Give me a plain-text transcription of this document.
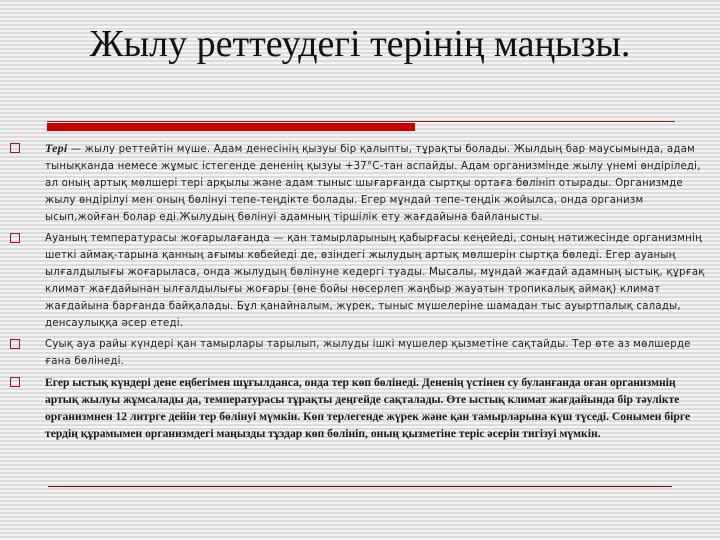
Жылу реттеудегі терінің маңызы.
Тері — жылу реттейтін мүше. Адам денесінің қызуы бір қалыпты, тұрақты болады. Жылдың бар маусымында, адам тынықканда немесе жұмыс істегенде дененің қызуы +37°С-тан аспайды. Адам организмінде жылу үнемі өндіріледі, ал оның артық мөлшері тері арқылы және адам тыныс шығарғанда сыртқы ортаға бөлініп отырады. Организмде жылу өндірілуі мен оның бөлінуі тепе-теңдікте болады. Егер мұндай тепе-теңдік жойылса, онда организм ысып,жойған болар еді.Жылудың бөлінуі адамның тіршілік ету жағдайына байланысты.
Ауаның температурасы жоғарылағанда — қан тамырларының қабырғасы кеңейеді, соның нәтижесінде организмнің шеткі аймақ-тарына қанның ағымы көбейеді де, өзіндегі жылудың артық мөлшерін сыртқа бөледі. Егер ауаның ылғалдылығы жоғарыласа, онда жылудың бөлінуне кедергі туады. Мысалы, мұндай жағдай адамның ыстық, құрғақ климат жағдайынан ылғалдылығы жоғары (өне бойы нөсерлеп жаңбыр жауатын тропикалық аймақ) климат жағдайына барғанда байқалады. Бұл қанайналым, жүрек, тыныс мүшелеріне шамадан тыс ауыртпалық салады, денсаулыққа әсер етеді.
Суық ауа райы күндері қан тамырлары тарылып, жылуды ішкі мүшелер қызметіне сақтайды. Тер өте аз мөлшерде ғана бөлінеді.
Егер ыстық күндері дене еңбегімен шұғылданса, онда тер көп бөлінеді. Дененің үстінен су буланғанда оған организмнің артық жылуы жұмсалады да, температурасы тұрақты деңгейде сақталады. Өте ыстық климат жағдайында бір тәулікте организмнен 12 литрге дейін тер бөлінуі мүмкін. Көп терлегенде жүрек және қан тамырларына күш түседі. Сонымен бірге тердің құрамымен организмдегі маңызды тұздар көп бөлініп, оның қызметіне теріс әсерін тигізуі мүмкін.
